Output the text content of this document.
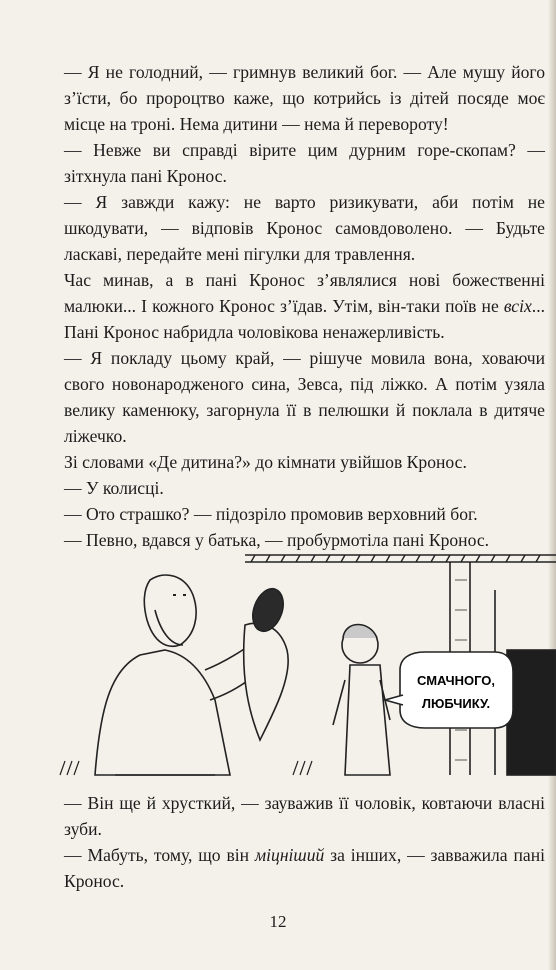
— Я не голодний, — гримнув великий бог. — Але мушу його з’їсти, бо пророцтво каже, що котрийсь із дітей посяде моє місце на троні. Нема дитини — нема й перевороту!

— Невже ви справді вірите цим дурним горе-скопам? — зітхнула пані Кронос.

— Я завжди кажу: не варто ризикувати, аби потім не шкодувати, — відповів Кронос самовдоволено. — Будьте ласкаві, передайте мені пігулки для травлення.

Час минав, а в пані Кронос з’являлися нові божественні малюки... І кожного Кронос з’їдав. Утім, він-таки поїв не всіх... Пані Кронос набридла чоловікова ненажерливість.

— Я покладу цьому край, — рішуче мовила вона, ховаючи свого новонародженого сина, Зевса, під ліжко. А потім узяла велику каменюку, загорнула її в пелюшки й поклала в дитяче ліжечко.

Зі словами «Де дитина?» до кімнати увійшов Кронос.

— У колисці.

— Ото страшко? — підозріло промовив верховний бог.

— Певно, вдався у батька, — пробурмотіла пані Кронос.

СМАЧНОГО,
ЛЮБЧИКУ.

— Він ще й хрусткий, — зауважив її чоловік, ковтаючи власні зуби.

— Мабуть, тому, що він міцніший за інших, — завважила пані Кронос.

12
